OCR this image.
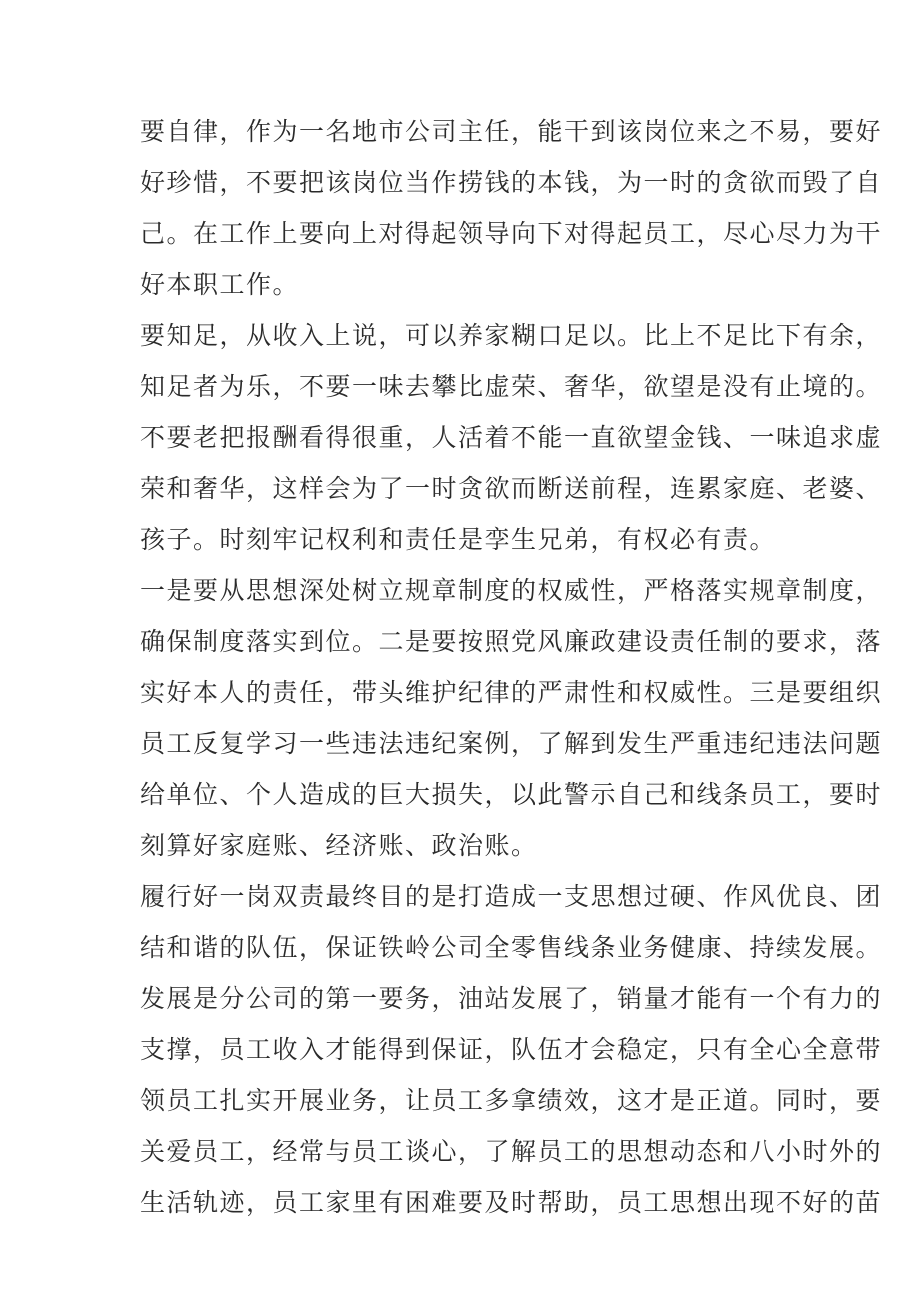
要自律，作为一名地市公司主任，能干到该岗位来之不易，要好
好珍惜，不要把该岗位当作捞钱的本钱，为一时的贪欲而毁了自
己。在工作上要向上对得起领导向下对得起员工，尽心尽力为干
好本职工作。
要知足，从收入上说，可以养家糊口足以。比上不足比下有余，
知足者为乐，不要一味去攀比虚荣、奢华，欲望是没有止境的。
不要老把报酬看得很重，人活着不能一直欲望金钱、一味追求虚
荣和奢华，这样会为了一时贪欲而断送前程，连累家庭、老婆、
孩子。时刻牢记权利和责任是孪生兄弟，有权必有责。
一是要从思想深处树立规章制度的权威性，严格落实规章制度，
确保制度落实到位。二是要按照党风廉政建设责任制的要求，落
实好本人的责任，带头维护纪律的严肃性和权威性。三是要组织
员工反复学习一些违法违纪案例，了解到发生严重违纪违法问题
给单位、个人造成的巨大损失，以此警示自己和线条员工，要时
刻算好家庭账、经济账、政治账。
履行好一岗双责最终目的是打造成一支思想过硬、作风优良、团
结和谐的队伍，保证铁岭公司全零售线条业务健康、持续发展。
发展是分公司的第一要务，油站发展了，销量才能有一个有力的
支撑，员工收入才能得到保证，队伍才会稳定，只有全心全意带
领员工扎实开展业务，让员工多拿绩效，这才是正道。同时，要
关爱员工，经常与员工谈心，了解员工的思想动态和八小时外的
生活轨迹，员工家里有困难要及时帮助，员工思想出现不好的苗
